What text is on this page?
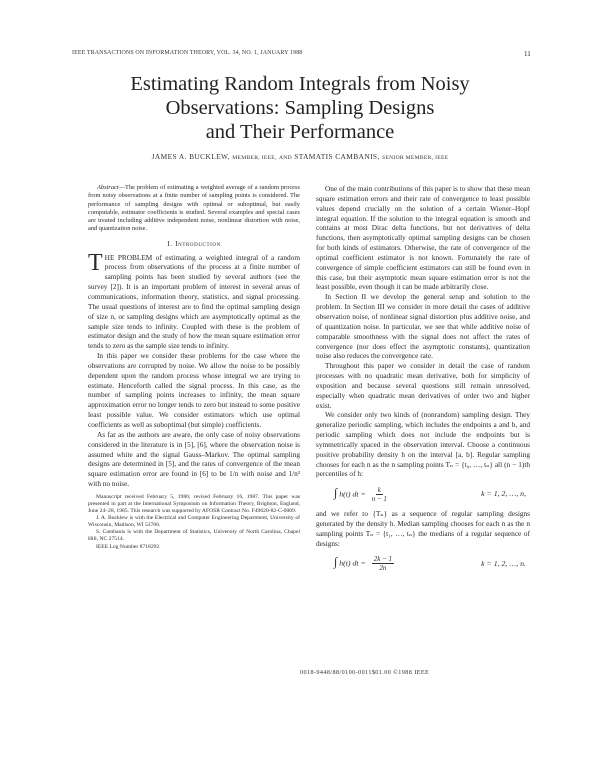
IEEE TRANSACTIONS ON INFORMATION THEORY, VOL. 34, NO. 1, JANUARY 1988	11
Estimating Random Integrals from Noisy
Observations: Sampling Designs
and Their Performance
JAMES A. BUCKLEW, MEMBER, IEEE, AND STAMATIS CAMBANIS, SENIOR MEMBER, IEEE

Abstract—The problem of estimating a weighted average of a random process from noisy observations at a finite number of sampling points is considered. The performance of sampling designs with optimal or suboptimal, but easily computable, estimator coefficients is studied. Several examples and special cases are treated including additive independent noise, nonlinear distortion with noise, and quantization noise.

I. Introduction

THE PROBLEM of estimating a weighted integral of a random process from observations of the process at a finite number of sampling points has been studied by several authors (see the survey [2]). It is an important problem of interest in several areas of communications, information theory, statistics, and signal processing. The usual questions of interest are to find the optimal sampling design of size n, or sampling designs which are asymptotically optimal as the sample size tends to infinity. Coupled with these is the problem of estimator design and the study of how the mean square estimation error tends to zero as the sample size tends to infinity.

In this paper we consider these problems for the case where the observations are corrupted by noise. We allow the noise to be possibly dependent upon the random process whose integral we are trying to estimate. Henceforth called the signal process. In this case, as the number of sampling points increases to infinity, the mean square approximation error no longer tends to zero but instead to some positive least possible value. We consider estimators which use optimal coefficients as well as suboptimal (but simple) coefficients.

As far as the authors are aware, the only case of noisy observations considered in the literature is in [5], [6], where the observation noise is assumed white and the signal Gauss–Markov. The optimal sampling designs are determined in [5], and the rates of convergence of the mean square estimation error are found in [6] to be 1/n with noise and 1/n³ with no noise.

Manuscript received February 5, 1986; revised February 16, 1987. This paper was presented in part at the International Symposium on Information Theory, Brighton, England, June 24–28, 1985. This research was supported by AFOSR Contract No. F49620-82-C-0009.

J. A. Bucklew is with the Electrical and Computer Engineering Department, University of Wisconsin, Madison, WI 53706.

S. Cambanis is with the Department of Statistics, University of North Carolina, Chapel Hill, NC 27514.

IEEE Log Number 8718292.

One of the main contributions of this paper is to show that these mean square estimation errors and their rate of convergence to least possible values depend crucially on the solution of a certain Wiener–Hopf integral equation. If the solution to the integral equation is smooth and contains at most Dirac delta functions, but not derivatives of delta functions, then asymptotically optimal sampling designs can be chosen for both kinds of estimators. Otherwise, the rate of convergence of the optimal coefficient estimator is not known. Fortunately the rate of convergence of simple coefficient estimators can still be found even in this case, but their asymptotic mean square estimation error is not the least possible, even though it can be made arbitrarily close.

In Section II we develop the general setup and solution to the problem. In Section III we consider in more detail the cases of additive observation noise, of nonlinear signal distortion plus additive noise, and of quantization noise. In particular, we see that while additive noise of comparable smoothness with the signal does not affect the rates of convergence (nor does effect the asymptotic constants), quantization noise also reduces the convergence rate.

Throughout this paper we consider in detail the case of random processes with no quadratic mean derivative, both for simplicity of exposition and because several questions still remain unresolved, especially when quadratic mean derivatives of order two and higher exist.

We consider only two kinds of (nonrandom) sampling design. They generalize periodic sampling, which includes the endpoints a and b, and periodic sampling which does not include the endpoints but is symmetrically spaced in the observation interval. Choose a continuous positive probability density h on the interval [a, b]. Regular sampling chooses for each n as the n sampling points Tₙ = {t₀, …, tₙ} all (n − 1)th percentiles of h:

∫ h(t) dt = $\frac{k}{n - 1}$	k = 1, 2, …, n,

and we refer to {Tₙ} as a sequence of regular sampling designs generated by the density h. Median sampling chooses for each n as the n sampling points Tₙ = {t₁, …, tₙ} the medians of a regular sequence of designs:

∫ h(t) dt = $\frac{2k - 1}{2n}$	k = 1, 2, …, n.
0018-9448/88/0100-0011$01.00 ©1988 IEEE
